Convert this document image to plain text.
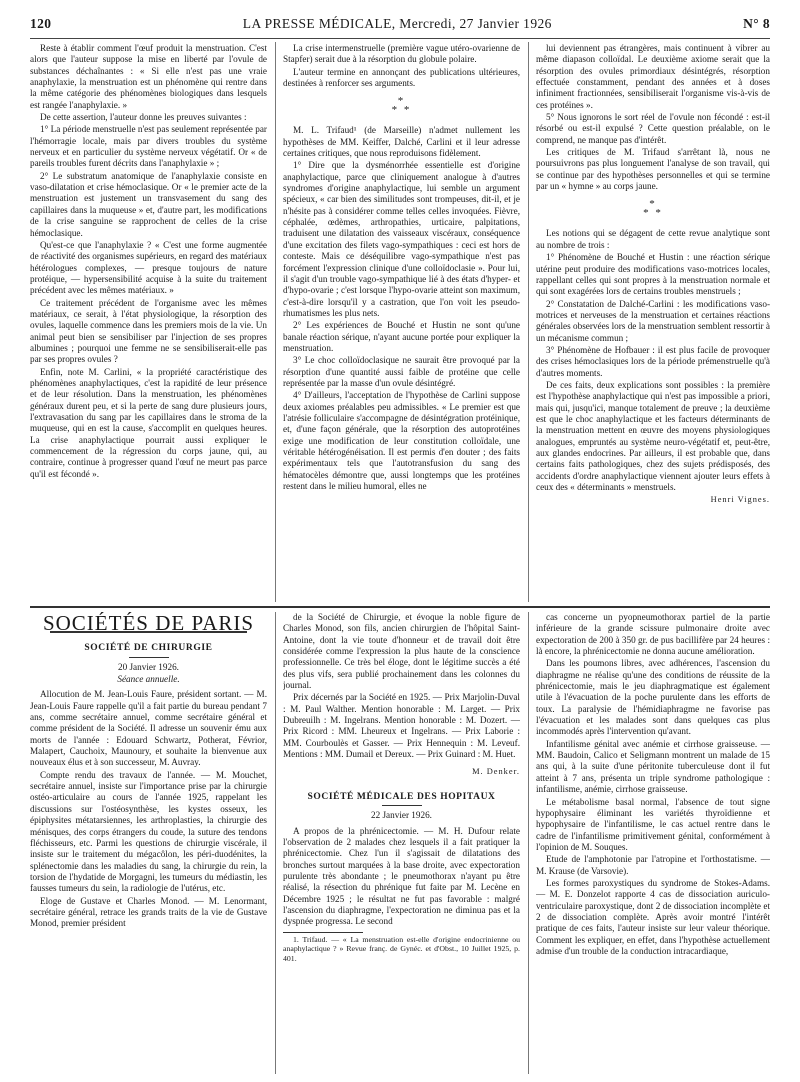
120	LA PRESSE MÉDICALE, Mercredi, 27 Janvier 1926	N° 8

Reste à établir comment l'œuf produit la menstruation. C'est alors que l'auteur suppose la mise en liberté par l'ovule de substances déchaînantes : « Si elle n'est pas une vraie anaphylaxie, la menstruation est un phénomène qui rentre dans la même catégorie des phénomènes biologiques dans lesquels est rangée l'anaphylaxie. »

De cette assertion, l'auteur donne les preuves suivantes :

1° La période menstruelle n'est pas seulement représentée par l'hémorragie locale, mais par divers troubles du système nerveux et en particulier du système nerveux végétatif. Or « de pareils troubles furent décrits dans l'anaphylaxie » ;

2° Le substratum anatomique de l'anaphylaxie consiste en vaso-dilatation et crise hémoclasique. Or « le premier acte de la menstruation est justement un transvasement du sang des capillaires dans la muqueuse » et, d'autre part, les modifications de la crise sanguine se rapprochent de celles de la crise hémoclasique.

Qu'est-ce que l'anaphylaxie ? « C'est une forme augmentée de réactivité des organismes supérieurs, en regard des matériaux hétérologues complexes, — presque toujours de nature protéique, — hypersensibilité acquise à la suite du traitement précédent avec les mêmes matériaux. »

Ce traitement précédent de l'organisme avec les mêmes matériaux, ce serait, à l'état physiologique, la résorption des ovules, laquelle commence dans les premiers mois de la vie. Un animal peut bien se sensibiliser par l'injection de ses propres albumines ; pourquoi une femme ne se sensibiliserait-elle pas par ses propres ovules ?

Enfin, note M. Carlini, « la propriété caractéristique des phénomènes anaphylactiques, c'est la rapidité de leur présence et de leur résolution. Dans la menstruation, les phénomènes généraux durent peu, et si la perte de sang dure plusieurs jours, l'extravasation du sang par les capillaires dans le stroma de la muqueuse, qui en est la cause, s'accomplit en quelques heures. La crise anaphylactique pourrait aussi expliquer le commencement de la régression du corps jaune, qui, au contraire, continue à progresser quand l'œuf ne meurt pas parce qu'il est fécondé ».

La crise intermenstruelle (première vague utéro-ovarienne de Stapfer) serait due à la résorption du globule polaire.

L'auteur termine en annonçant des publications ultérieures, destinées à renforcer ses arguments.

*
* *

M. L. Trifaud¹ (de Marseille) n'admet nullement les hypothèses de MM. Keiffer, Dalché, Carlini et il leur adresse certaines critiques, que nous reproduisons fidèlement.

1° Dire que la dysménorrhée essentielle est d'origine anaphylactique, parce que cliniquement analogue à d'autres syndromes d'origine anaphylactique, lui semble un argument spécieux, « car bien des similitudes sont trompeuses, dit-il, et je n'hésite pas à considérer comme telles celles invoquées. Fièvre, céphalée, œdèmes, arthropathies, urticaire, palpitations, traduisent une dilatation des vaisseaux viscéraux, conséquence d'une excitation des filets vago-sympathiques : ceci est hors de conteste. Mais ce déséquilibre vago-sympathique n'est pas forcément l'expression clinique d'une colloïdoclasie ». Pour lui, il s'agit d'un trouble vago-sympathique lié à des états d'hyper- et d'hypo-ovarie ; c'est lorsque l'hypo-ovarie atteint son maximum, c'est-à-dire lorsqu'il y a castration, que l'on voit les pseudo-rhumatismes les plus nets.

2° Les expériences de Bouché et Hustin ne sont qu'une banale réaction sérique, n'ayant aucune portée pour expliquer la menstruation.

3° Le choc colloïdoclasique ne saurait être provoqué par la résorption d'une quantité aussi faible de protéine que celle représentée par la masse d'un ovule désintégré.

4° D'ailleurs, l'acceptation de l'hypothèse de Carlini suppose deux axiomes préalables peu admissibles. « Le premier est que l'atrésie folliculaire s'accompagne de désintégration protéinique, et, d'une façon générale, que la résorption des autoprotéines exige une modification de leur constitution colloïdale, une véritable hétérogénéisation. Il est permis d'en douter ; des faits expérimentaux tels que l'autotransfusion du sang des hématocèles démontre que, aussi longtemps que les protéines restent dans le milieu humoral, elles ne

lui deviennent pas étrangères, mais continuent à vibrer au même diapason colloïdal. Le deuxième axiome serait que la résorption des ovules primordiaux désintégrés, résorption effectuée constamment, pendant des années et à doses infiniment fractionnées, sensibiliserait l'organisme vis-à-vis de ces protéines ».

5° Nous ignorons le sort réel de l'ovule non fécondé : est-il résorbé ou est-il expulsé ? Cette question préalable, on le comprend, ne manque pas d'intérêt.

Les critiques de M. Trifaud s'arrêtant là, nous ne poursuivrons pas plus longuement l'analyse de son travail, qui se continue par des hypothèses personnelles et qui se termine par un « hymne » au corps jaune.

*
* *

Les notions qui se dégagent de cette revue analytique sont au nombre de trois :

1° Phénomène de Bouché et Hustin : une réaction sérique utérine peut produire des modifications vaso-motrices locales, rappellant celles qui sont propres à la menstruation normale et qui sont exagérées lors de certains troubles menstruels ;

2° Constatation de Dalché-Carlini : les modifications vaso-motrices et nerveuses de la menstruation et certaines réactions générales observées lors de la menstruation semblent ressortir à un mécanisme commun ;

3° Phénomène de Hofbauer : il est plus facile de provoquer des crises hémoclasiques lors de la période prémenstruelle qu'à d'autres moments.

De ces faits, deux explications sont possibles : la première est l'hypothèse anaphylactique qui n'est pas impossible a priori, mais qui, jusqu'ici, manque totalement de preuve ; la deuxième est que le choc anaphylactique et les facteurs déterminants de la menstruation mettent en œuvre des moyens physiologiques analogues, empruntés au système neuro-végétatif et, peut-être, aux glandes endocrines. Par ailleurs, il est probable que, dans certains faits pathologiques, chez des sujets prédisposés, des accidents d'ordre anaphylactique viennent ajouter leurs effets à ceux des « déterminants » menstruels.

Henri Vignes.

SOCIÉTÉS DE PARIS
SOCIÉTÉ DE CHIRURGIE

20 Janvier 1926.

Séance annuelle.

Allocution de M. Jean-Louis Faure, président sortant. — M. Jean-Louis Faure rappelle qu'il a fait partie du bureau pendant 7 ans, comme secrétaire annuel, comme secrétaire général et comme président de la Société. Il adresse un souvenir ému aux morts de l'année : Edouard Schwartz, Potherat, Févrior, Malapert, Cauchoix, Maunoury, et souhaite la bienvenue aux nouveaux élus et à son successeur, M. Auvray.

Compte rendu des travaux de l'année. — M. Mouchet, secrétaire annuel, insiste sur l'importance prise par la chirurgie ostéo-articulaire au cours de l'année 1925, rappelant les discussions sur l'ostéosynthèse, les kystes osseux, les épiphysites métatarsiennes, les arthroplasties, la chirurgie des ménisques, des corps étrangers du coude, la suture des tendons fléchisseurs, etc. Parmi les questions de chirurgie viscérale, il insiste sur le traitement du mégacôlon, les péri-duodénites, la splénectomie dans les maladies du sang, la chirurgie du rein, la torsion de l'hydatide de Morgagni, les tumeurs du médiastin, les fausses tumeurs du sein, la radiologie de l'utérus, etc.

Eloge de Gustave et Charles Monod. — M. Lenormant, secrétaire général, retrace les grands traits de la vie de Gustave Monod, premier président

de la Société de Chirurgie, et évoque la noble figure de Charles Monod, son fils, ancien chirurgien de l'hôpital Saint-Antoine, dont la vie toute d'honneur et de travail doit être considérée comme l'expression la plus haute de la conscience professionnelle. Ce très bel éloge, dont le légitime succès a été des plus vifs, sera publié prochainement dans les colonnes du journal.

Prix décernés par la Société en 1925. — Prix Marjolin-Duval : M. Paul Walther. Mention honorable : M. Larget. — Prix Dubreuilh : M. Ingelrans. Mention honorable : M. Dozert. — Prix Ricord : MM. Lheureux et Ingelrans. — Prix Laborie : MM. Courboulès et Gasser. — Prix Hennequin : M. Leveuf. Mentions : MM. Dumail et Dereux. — Prix Guinard : M. Huet.

M. Denker.

SOCIÉTÉ MÉDICALE DES HOPITAUX

22 Janvier 1926.

A propos de la phrénicectomie. — M. H. Dufour relate l'observation de 2 malades chez lesquels il a fait pratiquer la phrénicectomie. Chez l'un il s'agissait de dilatations des bronches surtout marquées à la base droite, avec expectoration purulente très abondante ; le pneumothorax n'ayant pu être réalisé, la résection du phrénique fut faite par M. Lecène en Décembre 1925 ; le résultat ne fut pas favorable : malgré l'ascension du diaphragme, l'expectoration ne diminua pas et la dyspnée progressa. Le second

1. Trifaud. — « La menstruation est-elle d'origine endocrinienne ou anaphylactique ? » Revue franç. de Gynéc. et d'Obst., 10 Juillet 1925, p. 401.

cas concerne un pyopneumothorax partiel de la partie inférieure de la grande scissure pulmonaire droite avec expectoration de 200 à 350 gr. de pus bacillifère par 24 heures : là encore, la phrénicectomie ne donna aucune amélioration.

Dans les poumons libres, avec adhérences, l'ascension du diaphragme ne réalise qu'une des conditions de réussite de la phrénicectomie, mais le jeu diaphragmatique est également utile à l'évacuation de la poche purulente dans les efforts de toux. La paralysie de l'hémidiaphragme ne favorise pas l'évacuation et les malades sont dans quelques cas plus incommodés après l'intervention qu'avant.

Infantilisme génital avec anémie et cirrhose graisseuse. — MM. Baudoin, Calico et Seligmann montrent un malade de 15 ans qui, à la suite d'une péritonite tuberculeuse dont il fut atteint à 7 ans, présenta un triple syndrome pathologique : infantilisme, anémie, cirrhose graisseuse.

Le métabolisme basal normal, l'absence de tout signe hypophysaire éliminant les variétés thyroïdienne et hypophysaire de l'infantilisme, le cas actuel rentre dans le cadre de l'infantilisme primitivement génital, conformément à l'opinion de M. Souques.

Etude de l'amphotonie par l'atropine et l'orthostatisme. — M. Krause (de Varsovie).

Les formes paroxystiques du syndrome de Stokes-Adams. — M. E. Donzelot rapporte 4 cas de dissociation auriculo-ventriculaire paroxystique, dont 2 de dissociation incomplète et 2 de dissociation complète. Après avoir montré l'intérêt pratique de ces faits, l'auteur insiste sur leur valeur théorique. Comment les expliquer, en effet, dans l'hypothèse actuellement admise d'un trouble de la conduction intracardiaque,
